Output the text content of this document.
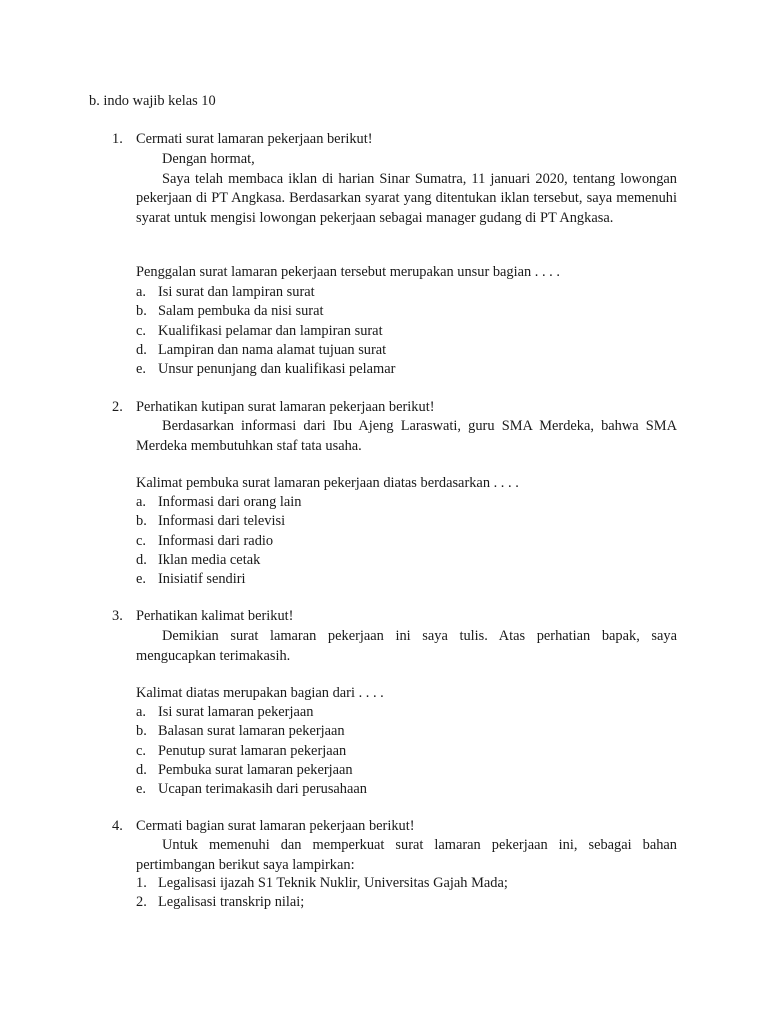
b. indo wajib kelas 10
1. Cermati surat lamaran pekerjaan berikut!

Dengan hormat,

Saya telah membaca iklan di harian Sinar Sumatra, 11 januari 2020, tentang lowongan pekerjaan di PT Angkasa. Berdasarkan syarat yang ditentukan iklan tersebut, saya memenuhi syarat untuk mengisi lowongan pekerjaan sebagai manager gudang di PT Angkasa.

Penggalan surat lamaran pekerjaan tersebut merupakan unsur bagian . . . .
a. Isi surat dan lampiran surat
b. Salam pembuka da nisi surat
c. Kualifikasi pelamar dan lampiran surat
d. Lampiran dan nama alamat tujuan surat
e. Unsur penunjang dan kualifikasi pelamar
2. Perhatikan kutipan surat lamaran pekerjaan berikut!

Berdasarkan informasi dari Ibu Ajeng Laraswati, guru SMA Merdeka, bahwa SMA Merdeka membutuhkan staf tata usaha.

Kalimat pembuka surat lamaran pekerjaan diatas berdasarkan . . . .
a. Informasi dari orang lain
b. Informasi dari televisi
c. Informasi dari radio
d. Iklan media cetak
e. Inisiatif sendiri
3. Perhatikan kalimat berikut!

Demikian surat lamaran pekerjaan ini saya tulis. Atas perhatian bapak, saya mengucapkan terimakasih.

Kalimat diatas merupakan bagian dari . . . .
a. Isi surat lamaran pekerjaan
b. Balasan surat lamaran pekerjaan
c. Penutup surat lamaran pekerjaan
d. Pembuka surat lamaran pekerjaan
e. Ucapan terimakasih dari perusahaan
4. Cermati bagian surat lamaran pekerjaan berikut!

Untuk memenuhi dan memperkuat surat lamaran pekerjaan ini, sebagai bahan pertimbangan berikut saya lampirkan:

1. Legalisasi ijazah S1 Teknik Nuklir, Universitas Gajah Mada;
2. Legalisasi transkrip nilai;
